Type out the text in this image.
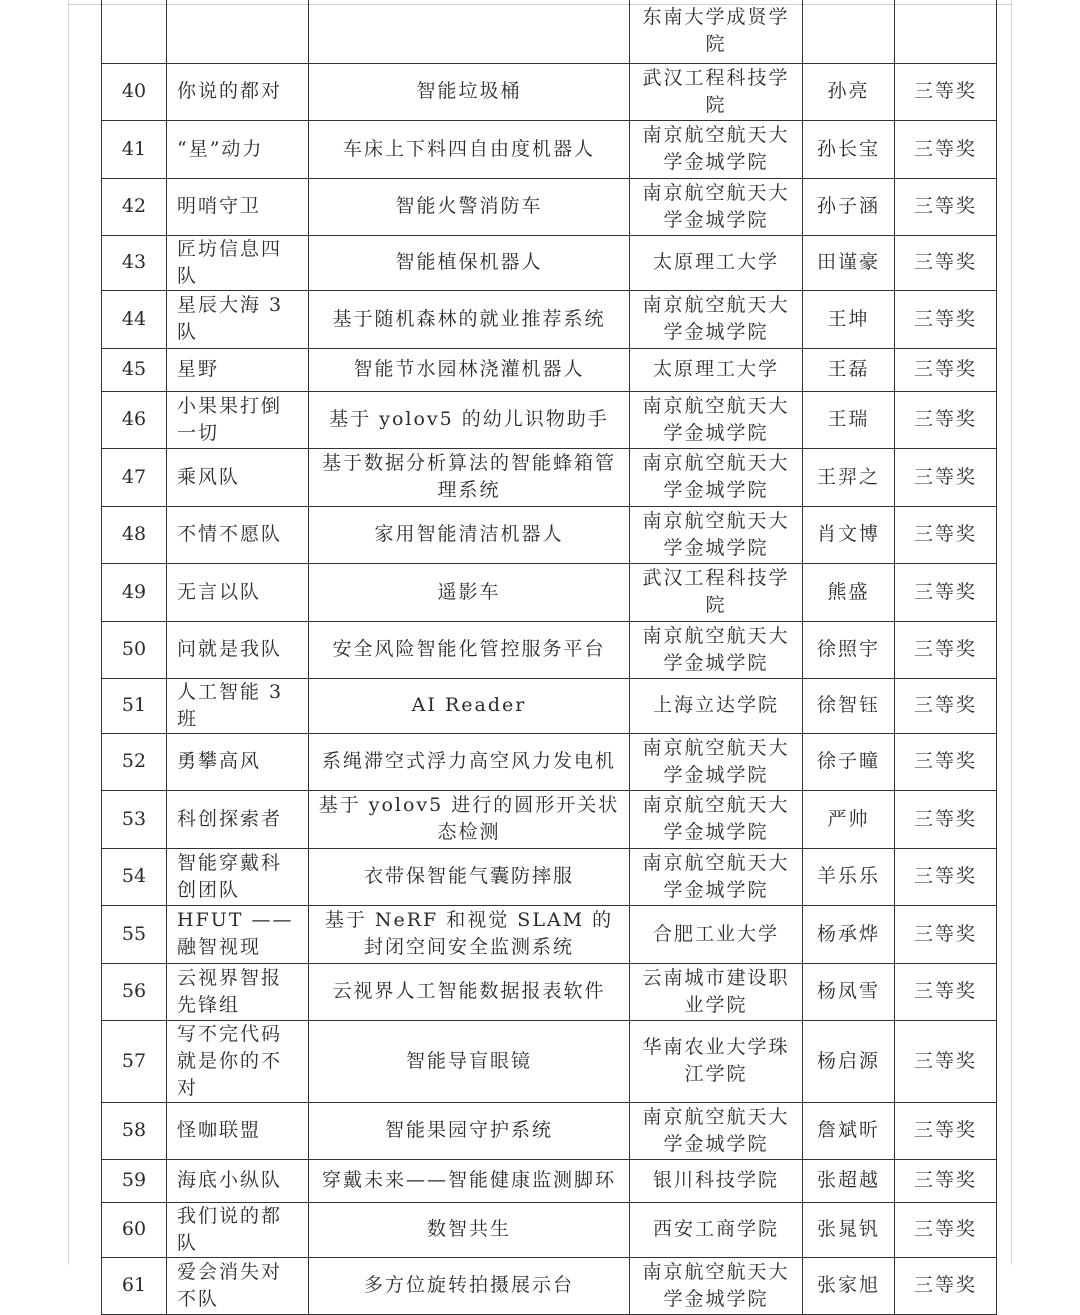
			东南大学成贤学院		
40	你说的都对	智能垃圾桶	武汉工程科技学院	孙亮	三等奖
41	“星”动力	车床上下料四自由度机器人	南京航空航天大学金城学院	孙长宝	三等奖
42	明哨守卫	智能火警消防车	南京航空航天大学金城学院	孙子涵	三等奖
43	匠坊信息四队	智能植保机器人	太原理工大学	田谨豪	三等奖
44	星辰大海 3队	基于随机森林的就业推荐系统	南京航空航天大学金城学院	王坤	三等奖
45	星野	智能节水园林浇灌机器人	太原理工大学	王磊	三等奖
46	小果果打倒一切	基于 yolov5 的幼儿识物助手	南京航空航天大学金城学院	王瑞	三等奖
47	乘风队	基于数据分析算法的智能蜂箱管理系统	南京航空航天大学金城学院	王羿之	三等奖
48	不情不愿队	家用智能清洁机器人	南京航空航天大学金城学院	肖文博	三等奖
49	无言以队	遥影车	武汉工程科技学院	熊盛	三等奖
50	问就是我队	安全风险智能化管控服务平台	南京航空航天大学金城学院	徐照宇	三等奖
51	人工智能 3班	AI Reader	上海立达学院	徐智钰	三等奖
52	勇攀高风	系绳滞空式浮力高空风力发电机	南京航空航天大学金城学院	徐子曈	三等奖
53	科创探索者	基于 yolov5 进行的圆形开关状态检测	南京航空航天大学金城学院	严帅	三等奖
54	智能穿戴科创团队	衣带保智能气囊防摔服	南京航空航天大学金城学院	羊乐乐	三等奖
55	HFUT ——融智视现	基于 NeRF 和视觉 SLAM 的封闭空间安全监测系统	合肥工业大学	杨承烨	三等奖
56	云视界智报先锋组	云视界人工智能数据报表软件	云南城市建设职业学院	杨凤雪	三等奖
57	写不完代码就是你的不对	智能导盲眼镜	华南农业大学珠江学院	杨启源	三等奖
58	怪咖联盟	智能果园守护系统	南京航空航天大学金城学院	詹斌昕	三等奖
59	海底小纵队	穿戴未来——智能健康监测脚环	银川科技学院	张超越	三等奖
60	我们说的都队	数智共生	西安工商学院	张晁钒	三等奖
61	爱会消失对不队	多方位旋转拍摄展示台	南京航空航天大学金城学院	张家旭	三等奖
